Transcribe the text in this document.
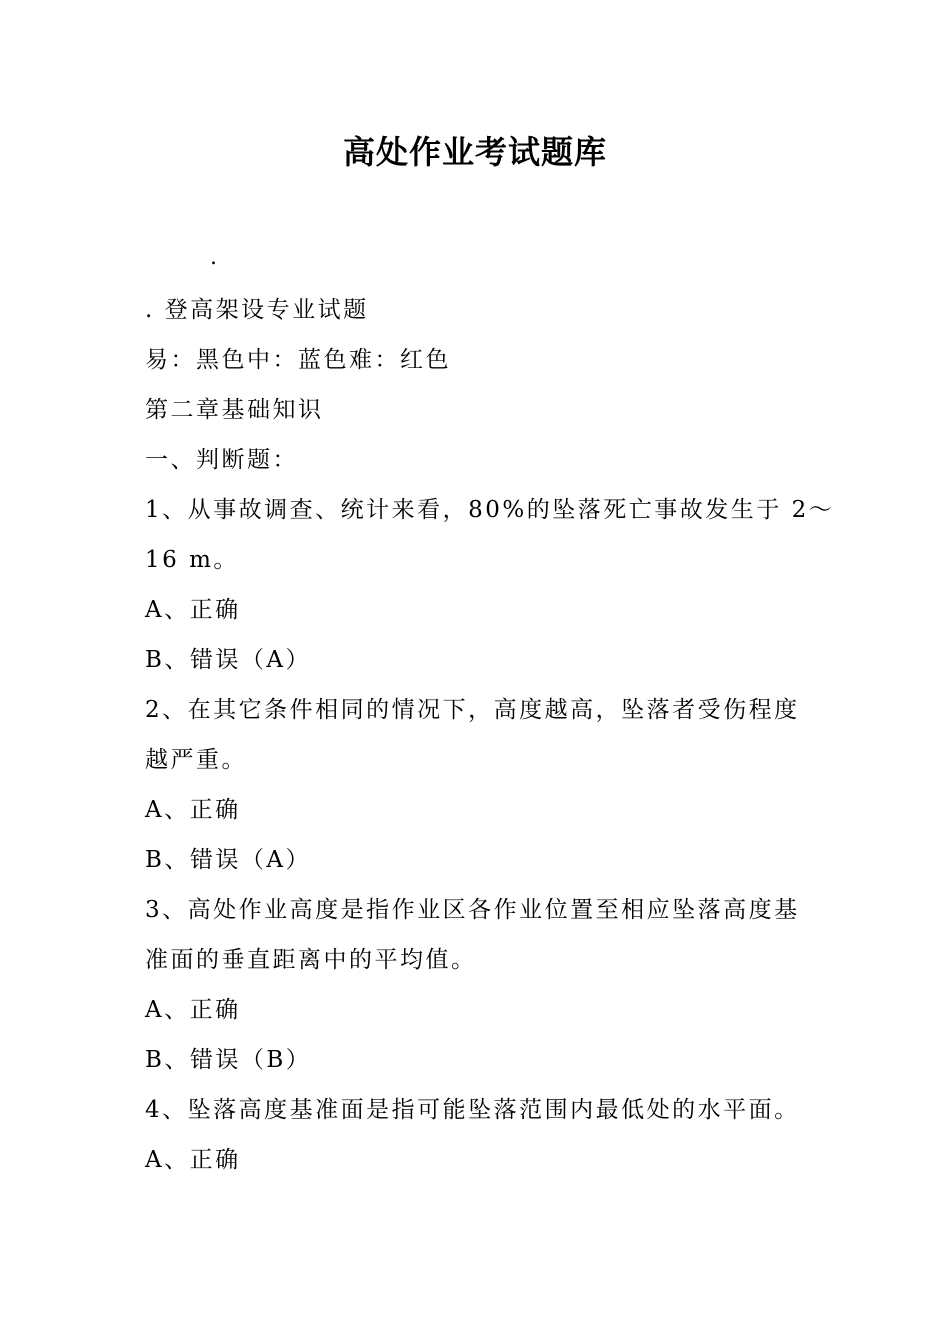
高处作业考试题库
.
. 登高架设专业试题
易：黑色中：蓝色难：红色
第二章基础知识
一、判断题：
1、从事故调查、统计来看，80%的坠落死亡事故发生于 2～
16 m。
A、正确
B、错误（A）
2、在其它条件相同的情况下，高度越高，坠落者受伤程度
越严重。
A、正确
B、错误（A）
3、高处作业高度是指作业区各作业位置至相应坠落高度基
准面的垂直距离中的平均值。
A、正确
B、错误（B）
4、坠落高度基准面是指可能坠落范围内最低处的水平面。
A、正确
